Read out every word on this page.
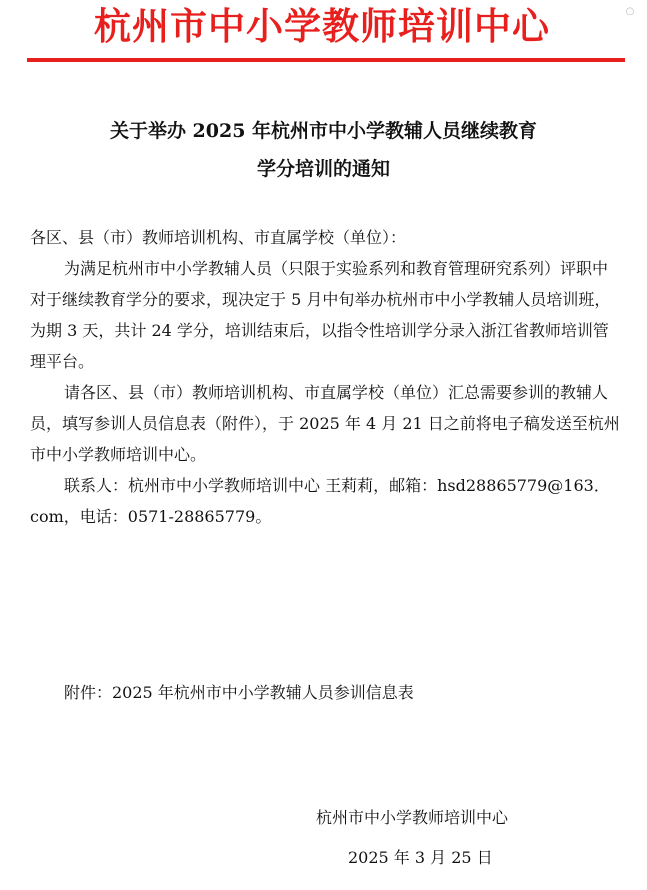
杭州市中小学教师培训中心	○
关于举办 2025 年杭州市中小学教辅人员继续教育
学分培训的通知

各区、县（市）教师培训机构、市直属学校（单位）：

为满足杭州市中小学教辅人员（只限于实验系列和教育管理研究系列）评职中对于继续教育学分的要求，现决定于 5 月中旬举办杭州市中小学教辅人员培训班，为期 3 天，共计 24 学分，培训结束后，以指令性培训学分录入浙江省教师培训管理平台。

请各区、县（市）教师培训机构、市直属学校（单位）汇总需要参训的教辅人员，填写参训人员信息表（附件），于 2025 年 4 月 21 日之前将电子稿发送至杭州市中小学教师培训中心。

联系人：杭州市中小学教师培训中心 王莉莉，邮箱：hsd28865779@163．com，电话：0571-28865779。

附件：2025 年杭州市中小学教辅人员参训信息表
杭州市中小学教师培训中心
2025 年 3 月 25 日
